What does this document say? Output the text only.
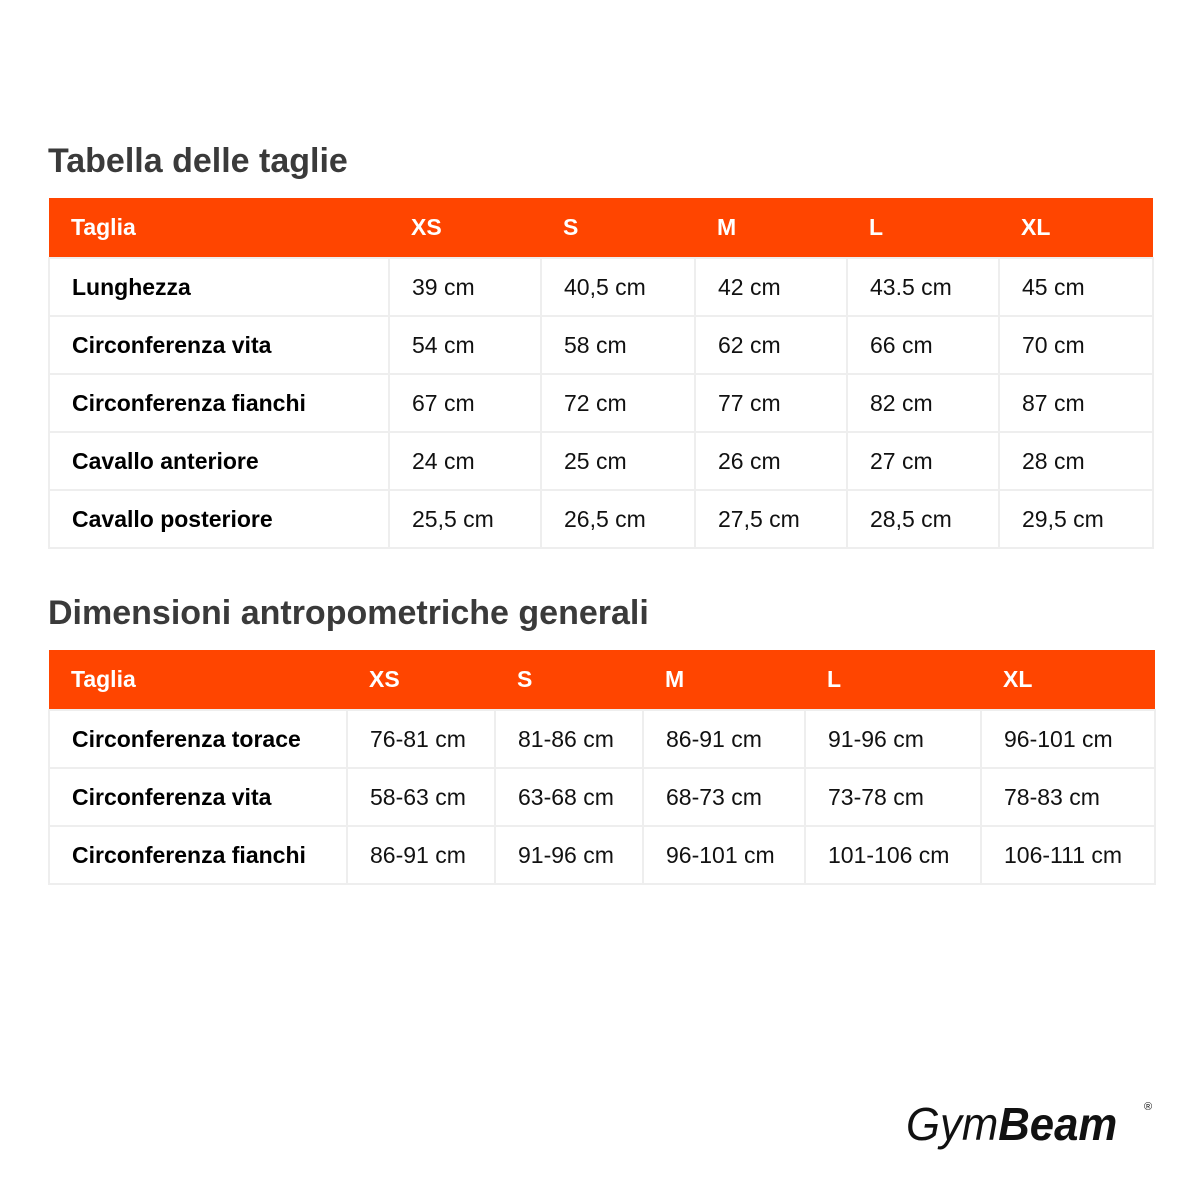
Tabella delle taglie
Taglia	XS	S	M	L	XL
Lunghezza	39 cm	40,5 cm	42 cm	43.5 cm	45 cm
Circonferenza vita	54 cm	58 cm	62 cm	66 cm	70 cm
Circonferenza fianchi	67 cm	72 cm	77 cm	82 cm	87 cm
Cavallo anteriore	24 cm	25 cm	26 cm	27 cm	28 cm
Cavallo posteriore	25,5 cm	26,5 cm	27,5 cm	28,5 cm	29,5 cm
Dimensioni antropometriche generali
Taglia	XS	S	M	L	XL
Circonferenza torace	76-81 cm	81-86 cm	86-91 cm	91-96 cm	96-101 cm
Circonferenza vita	58-63 cm	63-68 cm	68-73 cm	73-78 cm	78-83 cm
Circonferenza fianchi	86-91 cm	91-96 cm	96-101 cm	101-106 cm	106-111 cm
GymBeam ®
